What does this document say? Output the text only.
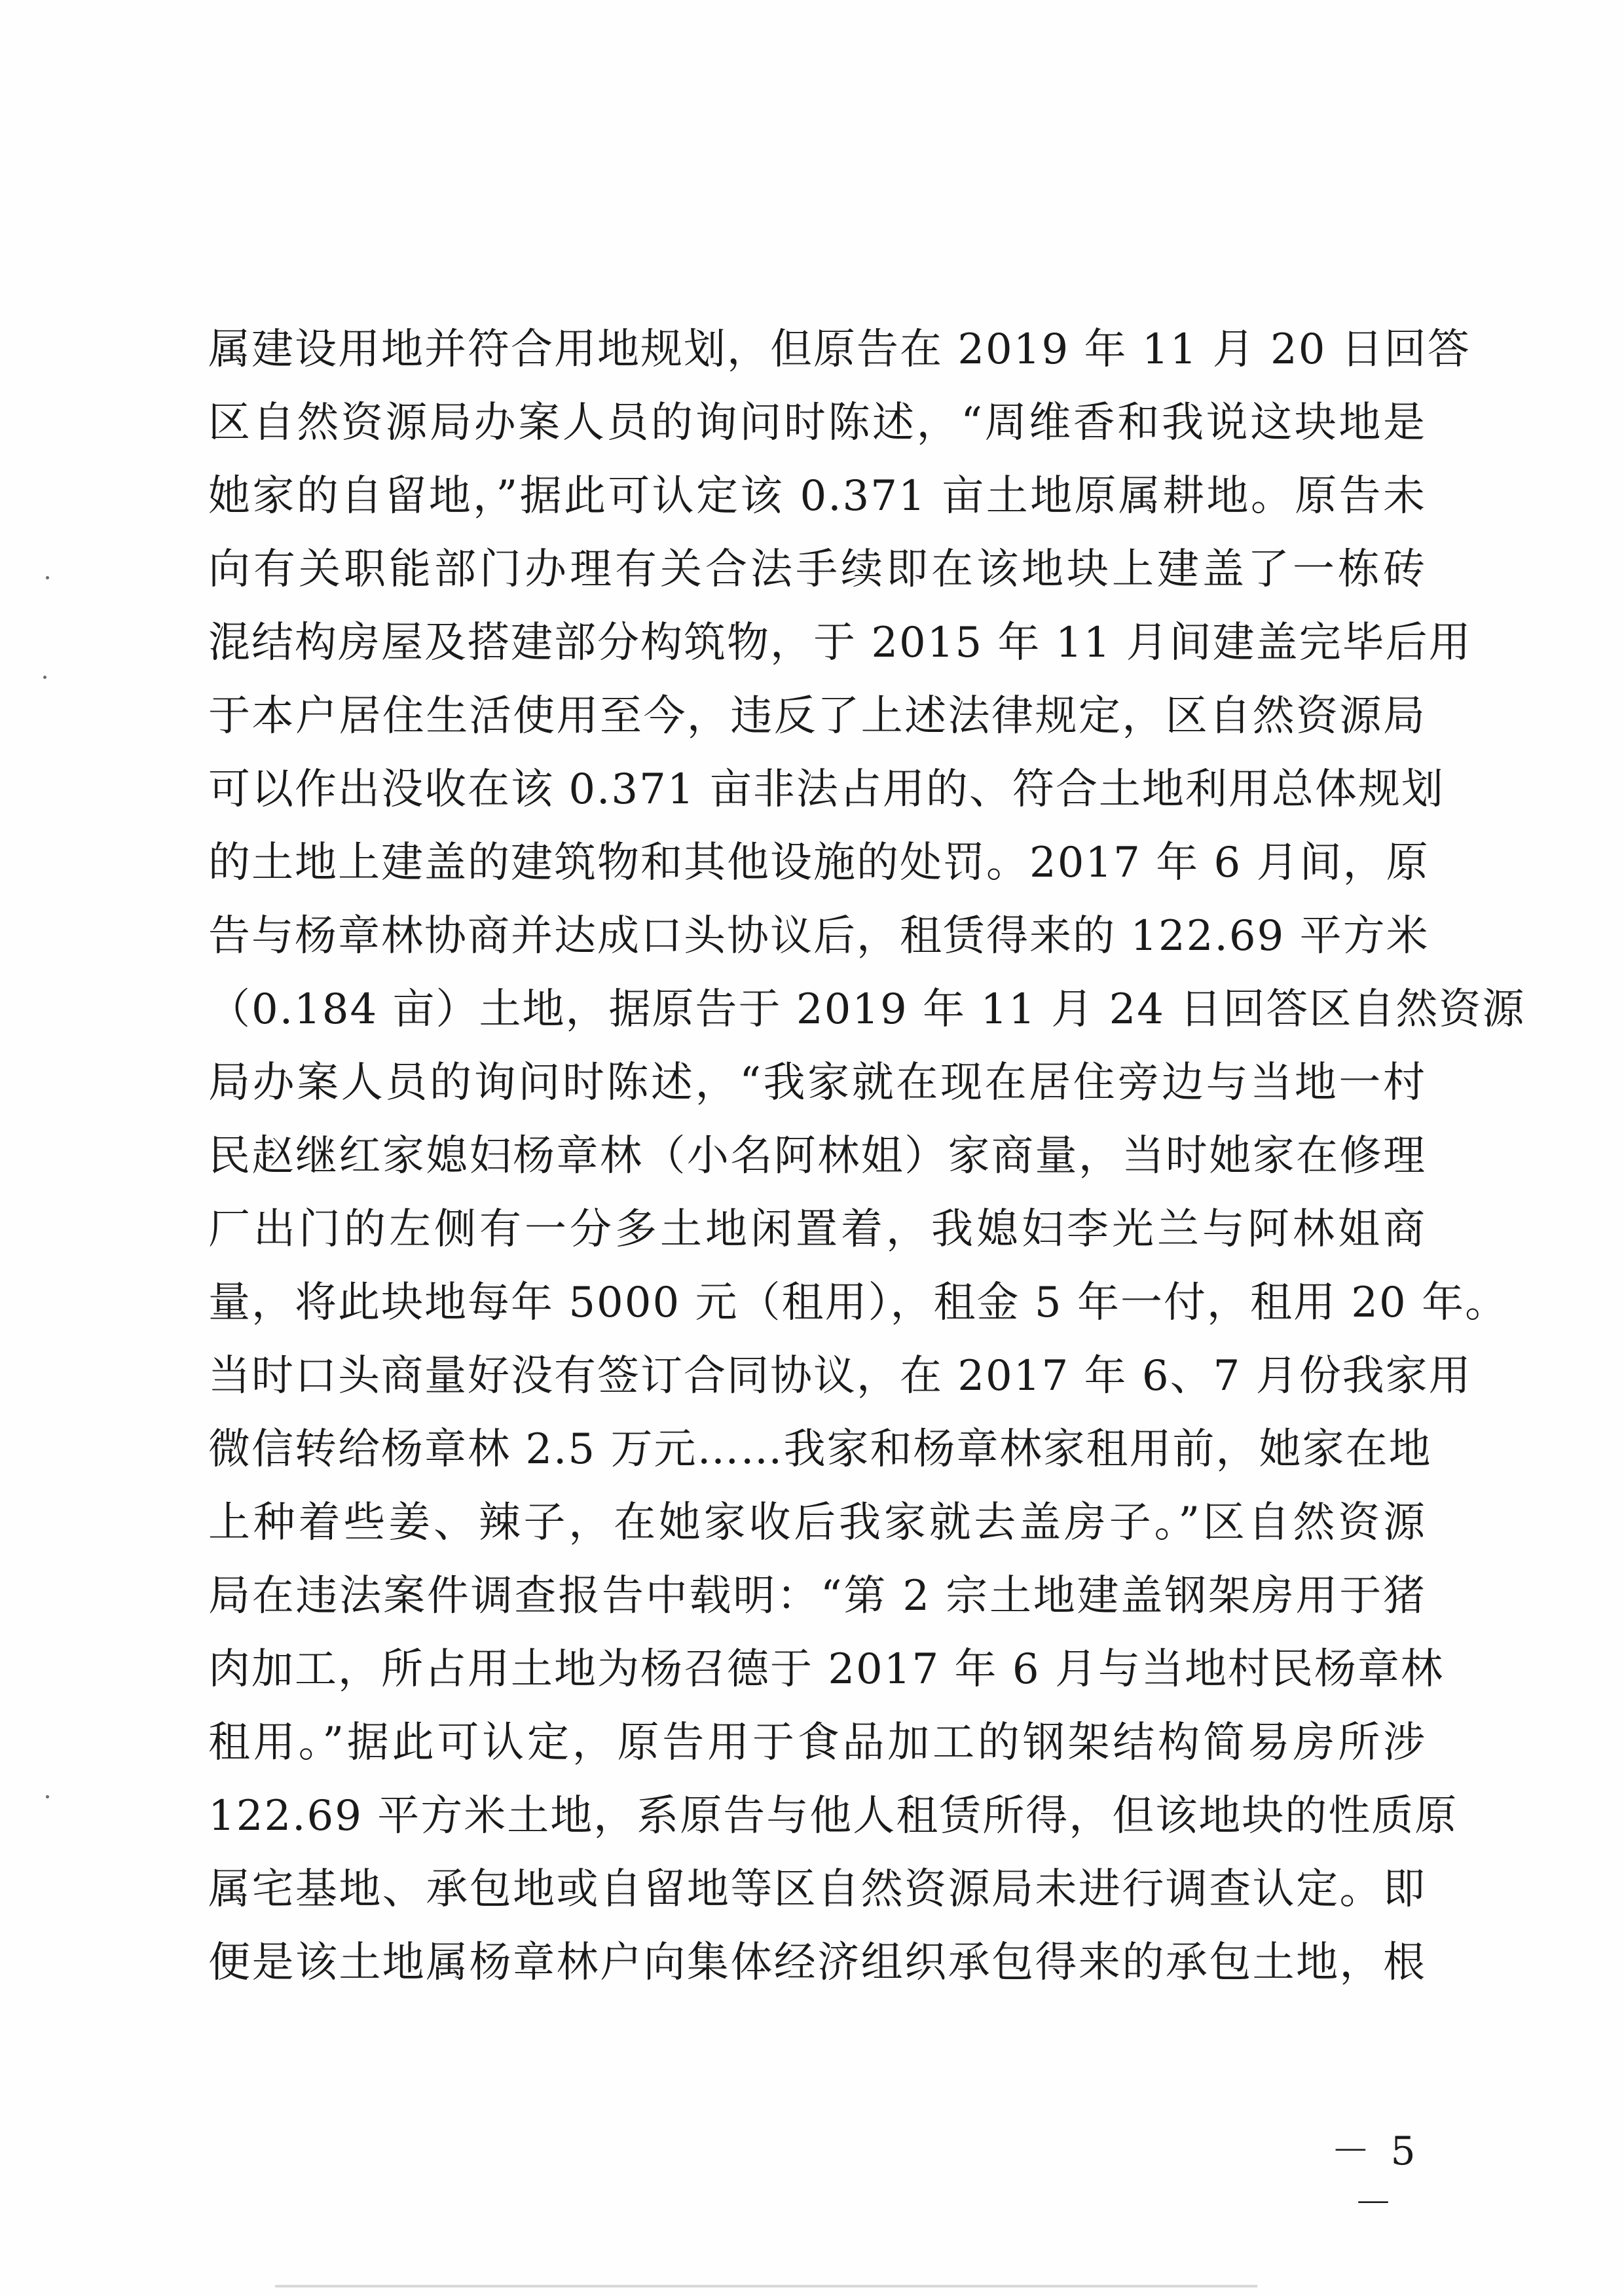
属建设用地并符合用地规划，但原告在 2019 年 11 月 20 日回答
区自然资源局办案人员的询问时陈述，“周维香和我说这块地是
她家的自留地，”据此可认定该 0.371 亩土地原属耕地。原告未
向有关职能部门办理有关合法手续即在该地块上建盖了一栋砖
混结构房屋及搭建部分构筑物，于 2015 年 11 月间建盖完毕后用
于本户居住生活使用至今，违反了上述法律规定，区自然资源局
可以作出没收在该 0.371 亩非法占用的、符合土地利用总体规划
的土地上建盖的建筑物和其他设施的处罚。2017 年 6 月间，原
告与杨章林协商并达成口头协议后，租赁得来的 122.69 平方米
（0.184 亩）土地，据原告于 2019 年 11 月 24 日回答区自然资源
局办案人员的询问时陈述，“我家就在现在居住旁边与当地一村
民赵继红家媳妇杨章林（小名阿林姐）家商量，当时她家在修理
厂出门的左侧有一分多土地闲置着，我媳妇李光兰与阿林姐商
量，将此块地每年 5000 元（租用），租金 5 年一付，租用 20 年。
当时口头商量好没有签订合同协议，在 2017 年 6、7 月份我家用
微信转给杨章林 2.5 万元……我家和杨章林家租用前，她家在地
上种着些姜、辣子，在她家收后我家就去盖房子。”区自然资源
局在违法案件调查报告中载明：“第 2 宗土地建盖钢架房用于猪
肉加工，所占用土地为杨召德于 2017 年 6 月与当地村民杨章林
租用。”据此可认定，原告用于食品加工的钢架结构简易房所涉
122.69 平方米土地，系原告与他人租赁所得，但该地块的性质原
属宅基地、承包地或自留地等区自然资源局未进行调查认定。即
便是该土地属杨章林户向集体经济组织承包得来的承包土地，根
－ 5 －
